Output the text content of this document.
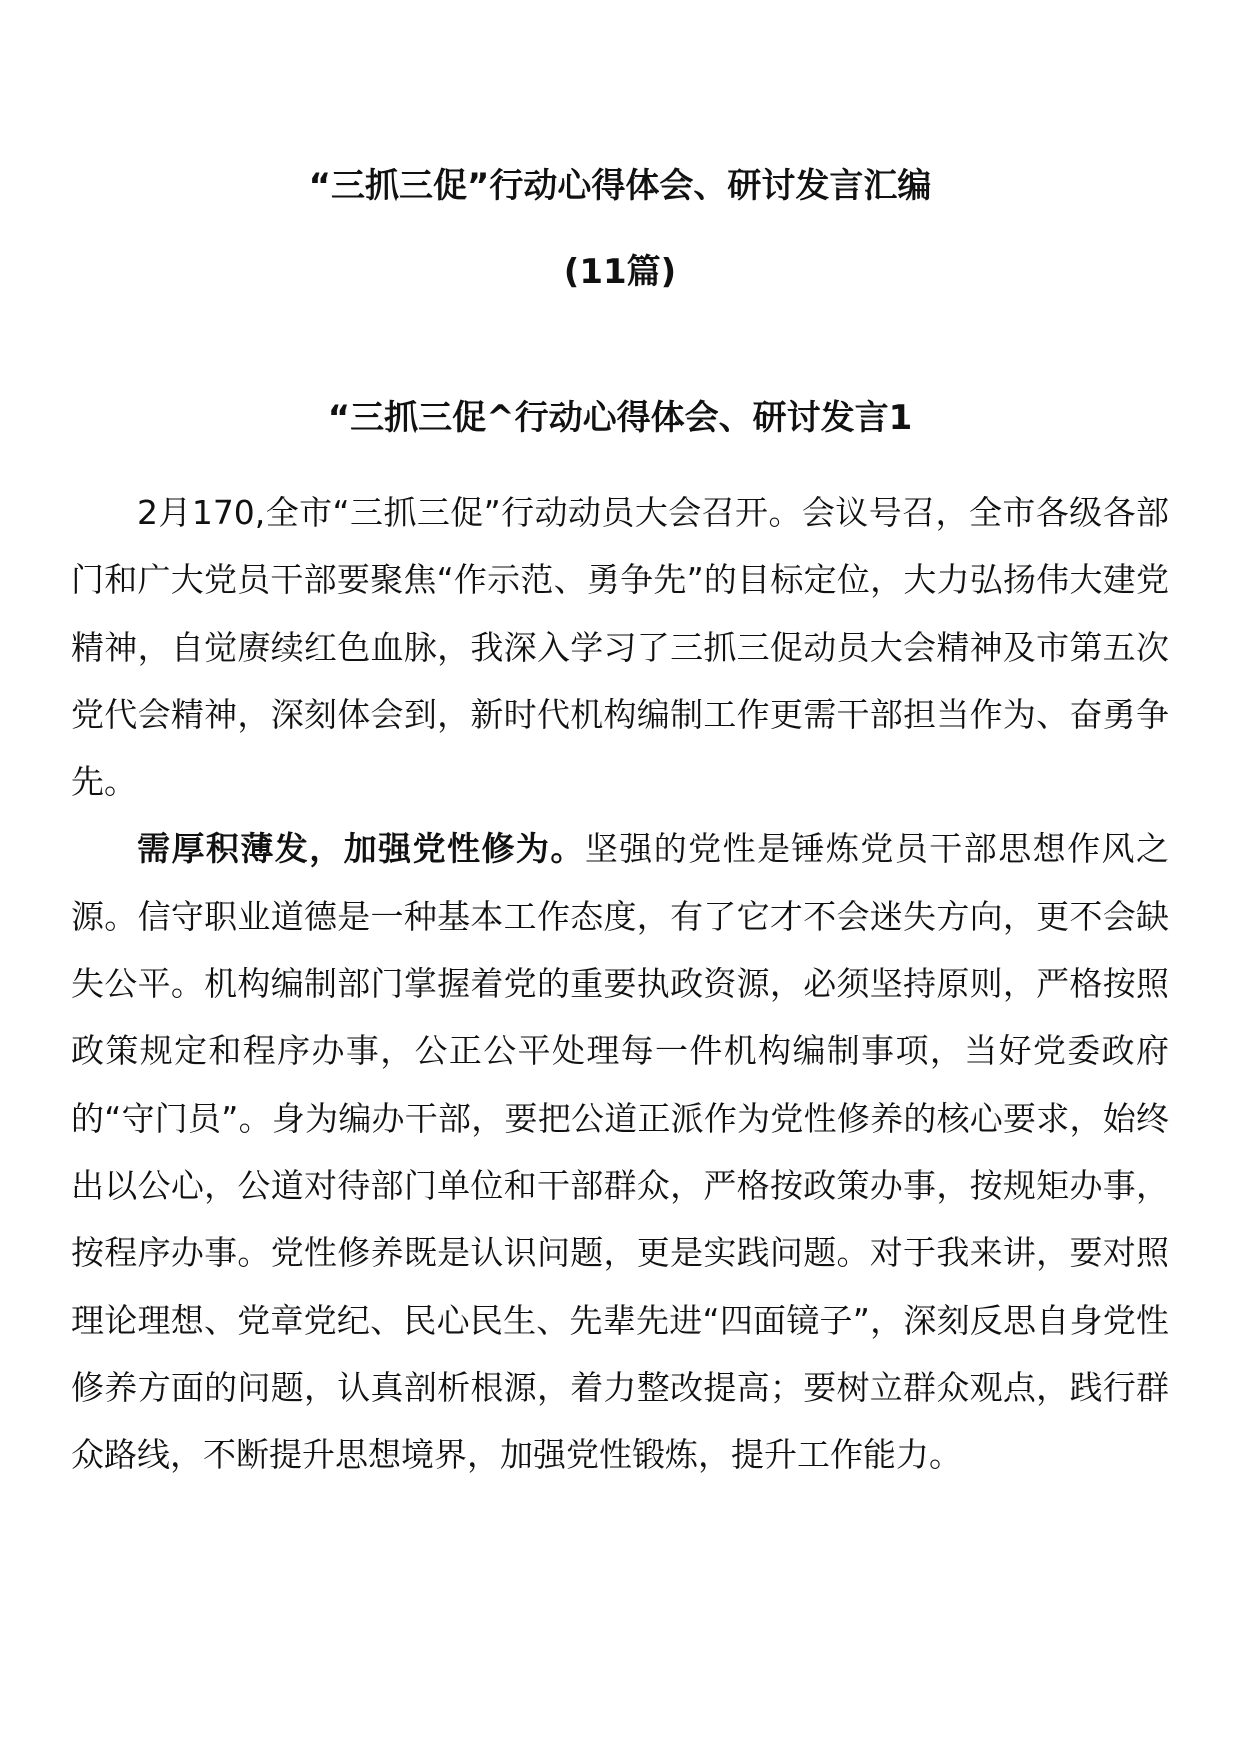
“三抓三促”行动心得体会、研讨发言汇编
(11篇)
“三抓三促^行动心得体会、研讨发言1

2月170,全市“三抓三促”行动动员大会召开。会议号召，全市各级各部门和广大党员干部要聚焦“作示范、勇争先”的目标定位，大力弘扬伟大建党精神，自觉赓续红色血脉，我深入学习了三抓三促动员大会精神及市第五次党代会精神，深刻体会到，新时代机构编制工作更需干部担当作为、奋勇争先。

需厚积薄发，加强党性修为。坚强的党性是锤炼党员干部思想作风之源。信守职业道德是一种基本工作态度，有了它才不会迷失方向，更不会缺失公平。机构编制部门掌握着党的重要执政资源，必须坚持原则，严格按照政策规定和程序办事，公正公平处理每一件机构编制事项，当好党委政府的“守门员”。身为编办干部，要把公道正派作为党性修养的核心要求，始终出以公心，公道对待部门单位和干部群众，严格按政策办事，按规矩办事，按程序办事。党性修养既是认识问题，更是实践问题。对于我来讲，要对照理论理想、党章党纪、民心民生、先辈先进“四面镜子”，深刻反思自身党性修养方面的问题，认真剖析根源，着力整改提高；要树立群众观点，践行群众路线，不断提升思想境界，加强党性锻炼，提升工作能力。
